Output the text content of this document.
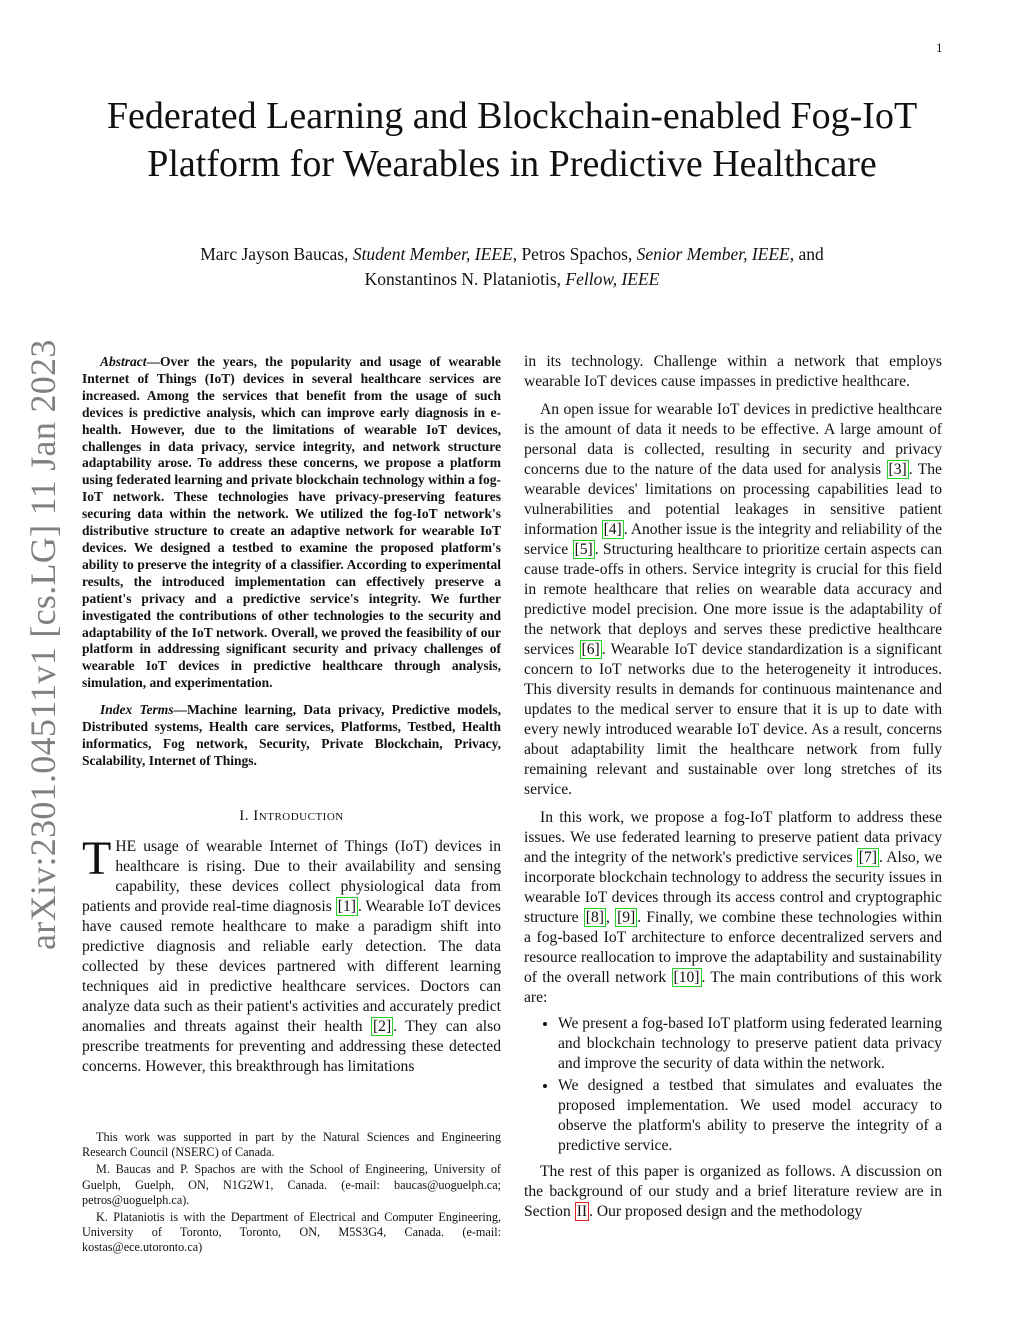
1
arXiv:2301.04511v1 [cs.LG] 11 Jan 2023
Federated Learning and Blockchain-enabled Fog-IoT Platform for Wearables in Predictive Healthcare
Marc Jayson Baucas, Student Member, IEEE, Petros Spachos, Senior Member, IEEE, and
Konstantinos N. Plataniotis, Fellow, IEEE

Abstract—Over the years, the popularity and usage of wearable Internet of Things (IoT) devices in several healthcare services are increased. Among the services that benefit from the usage of such devices is predictive analysis, which can improve early diagnosis in e-health. However, due to the limitations of wearable IoT devices, challenges in data privacy, service integrity, and network structure adaptability arose. To address these concerns, we propose a platform using federated learning and private blockchain technology within a fog-IoT network. These technologies have privacy-preserving features securing data within the network. We utilized the fog-IoT network's distributive structure to create an adaptive network for wearable IoT devices. We designed a testbed to examine the proposed platform's ability to preserve the integrity of a classifier. According to experimental results, the introduced implementation can effectively preserve a patient's privacy and a predictive service's integrity. We further investigated the contributions of other technologies to the security and adaptability of the IoT network. Overall, we proved the feasibility of our platform in addressing significant security and privacy challenges of wearable IoT devices in predictive healthcare through analysis, simulation, and experimentation.

Index Terms—Machine learning, Data privacy, Predictive models, Distributed systems, Health care services, Platforms, Testbed, Health informatics, Fog network, Security, Private Blockchain, Privacy, Scalability, Internet of Things.

I. Introduction

THE usage of wearable Internet of Things (IoT) devices in healthcare is rising. Due to their availability and sensing capability, these devices collect physiological data from patients and provide real-time diagnosis [1] . Wearable IoT devices have caused remote healthcare to make a paradigm shift into predictive diagnosis and reliable early detection. The data collected by these devices partnered with different learning techniques aid in predictive healthcare services. Doctors can analyze data such as their patient's activities and accurately predict anomalies and threats against their health [2] . They can also prescribe treatments for preventing and addressing these detected concerns. However, this breakthrough has limitations

This work was supported in part by the Natural Sciences and Engineering Research Council (NSERC) of Canada.

M. Baucas and P. Spachos are with the School of Engineering, University of Guelph, Guelph, ON, N1G2W1, Canada. (e-mail: baucas@uoguelph.ca; petros@uoguelph.ca).

K. Plataniotis is with the Department of Electrical and Computer Engineering, University of Toronto, Toronto, ON, M5S3G4, Canada. (e-mail: kostas@ece.utoronto.ca)

in its technology. Challenge within a network that employs wearable IoT devices cause impasses in predictive healthcare.

An open issue for wearable IoT devices in predictive healthcare is the amount of data it needs to be effective. A large amount of personal data is collected, resulting in security and privacy concerns due to the nature of the data used for analysis [3] . The wearable devices' limitations on processing capabilities lead to vulnerabilities and potential leakages in sensitive patient information [4] . Another issue is the integrity and reliability of the service [5] . Structuring healthcare to prioritize certain aspects can cause trade-offs in others. Service integrity is crucial for this field in remote healthcare that relies on wearable data accuracy and predictive model precision. One more issue is the adaptability of the network that deploys and serves these predictive healthcare services [6] . Wearable IoT device standardization is a significant concern to IoT networks due to the heterogeneity it introduces. This diversity results in demands for continuous maintenance and updates to the medical server to ensure that it is up to date with every newly introduced wearable IoT device. As a result, concerns about adaptability limit the healthcare network from fully remaining relevant and sustainable over long stretches of its service.

In this work, we propose a fog-IoT platform to address these issues. We use federated learning to preserve patient data privacy and the integrity of the network's predictive services [7] . Also, we incorporate blockchain technology to address the security issues in wearable IoT devices through its access control and cryptographic structure [8] , [9] . Finally, we combine these technologies within a fog-based IoT architecture to enforce decentralized servers and resource reallocation to improve the adaptability and sustainability of the overall network [10] . The main contributions of this work are:

• We present a fog-based IoT platform using federated learning and blockchain technology to preserve patient data privacy and improve the security of data within the network.
• We designed a testbed that simulates and evaluates the proposed implementation. We used model accuracy to observe the platform's ability to preserve the integrity of a predictive service.

The rest of this paper is organized as follows. A discussion on the background of our study and a brief literature review are in Section II . Our proposed design and the methodology
